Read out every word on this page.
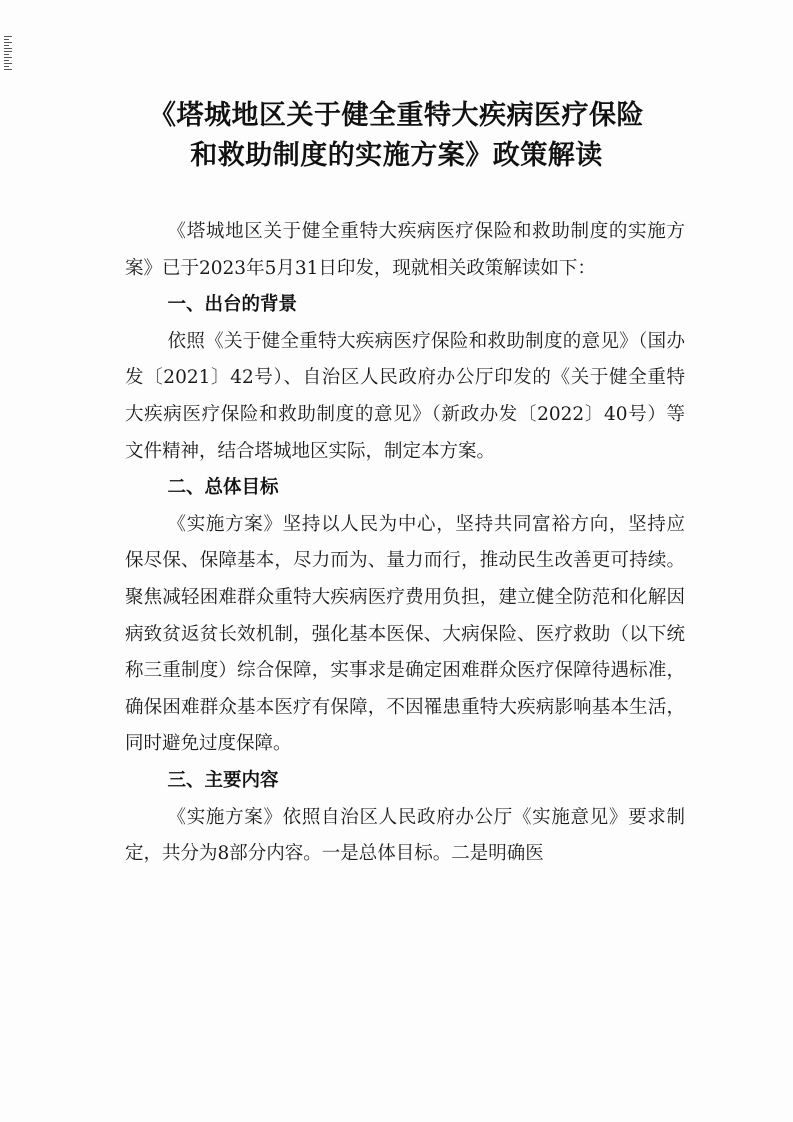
《塔城地区关于健全重特大疾病医疗保险
和救助制度的实施方案》政策解读

《塔城地区关于健全重特大疾病医疗保险和救助制度的实施方案》已于2023年5月31日印发，现就相关政策解读如下：

一、出台的背景

依照《关于健全重特大疾病医疗保险和救助制度的意见》（国办发〔2021〕42号）、自治区人民政府办公厅印发的《关于健全重特大疾病医疗保险和救助制度的意见》（新政办发〔2022〕40号）等文件精神，结合塔城地区实际，制定本方案。

二、总体目标

《实施方案》坚持以人民为中心，坚持共同富裕方向，坚持应保尽保、保障基本，尽力而为、量力而行，推动民生改善更可持续。聚焦减轻困难群众重特大疾病医疗费用负担，建立健全防范和化解因病致贫返贫长效机制，强化基本医保、大病保险、医疗救助（以下统称三重制度）综合保障，实事求是确定困难群众医疗保障待遇标准，确保困难群众基本医疗有保障，不因罹患重特大疾病影响基本生活，同时避免过度保障。

三、主要内容

《实施方案》依照自治区人民政府办公厅《实施意见》要求制定，共分为8部分内容。一是总体目标。二是明确医
